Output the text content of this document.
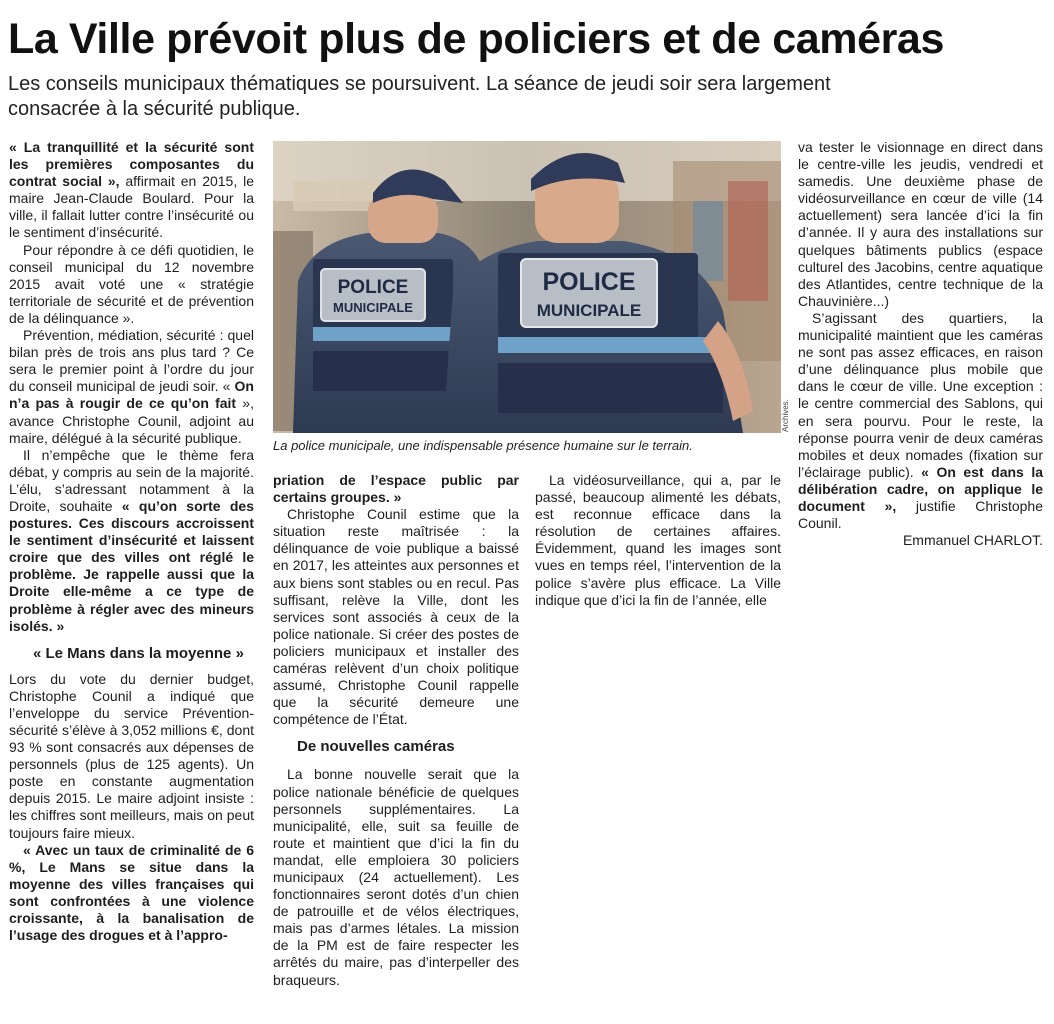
La Ville prévoit plus de policiers et de caméras

Les conseils municipaux thématiques se poursuivent. La séance de jeudi soir sera largement consacrée à la sécurité publique.

« La tranquillité et la sécurité sont les premières composantes du contrat social », affirmait en 2015, le maire Jean-Claude Boulard. Pour la ville, il fallait lutter contre l’insécurité ou le sentiment d’insécurité.

Pour répondre à ce défi quotidien, le conseil municipal du 12 novembre 2015 avait voté une « stratégie territoriale de sécurité et de prévention de la délinquance ».

Prévention, médiation, sécurité : quel bilan près de trois ans plus tard ? Ce sera le premier point à l’ordre du jour du conseil municipal de jeudi soir. « On n’a pas à rougir de ce qu’on fait », avance Christophe Counil, adjoint au maire, délégué à la sécurité publique.

Il n’empêche que le thème fera débat, y compris au sein de la majorité. L’élu, s’adressant notamment à la Droite, souhaite « qu’on sorte des postures. Ces discours accroissent le sentiment d’insécurité et laissent croire que des villes ont réglé le problème. Je rappelle aussi que la Droite elle-même a ce type de problème à régler avec des mineurs isolés. »

« Le Mans dans la moyenne »

Lors du vote du dernier budget, Christophe Counil a indiqué que l’enveloppe du service Prévention-sécurité s’élève à 3,052 millions €, dont 93 % sont consacrés aux dépenses de personnels (plus de 125 agents). Un poste en constante augmentation depuis 2015. Le maire adjoint insiste : les chiffres sont meilleurs, mais on peut toujours faire mieux.

« Avec un taux de criminalité de 6 %, Le Mans se situe dans la moyenne des villes françaises qui sont confrontées à une violence croissante, à la banalisation de l’usage des drogues et à l’appro-

POLICE
MUNICIPALE
POLICE
MUNICIPALE
Archives.
La police municipale, une indispensable présence humaine sur le terrain.

priation de l’espace public par certains groupes. »

Christophe Counil estime que la situation reste maîtrisée : la délinquance de voie publique a baissé en 2017, les atteintes aux personnes et aux biens sont stables ou en recul. Pas suffisant, relève la Ville, dont les services sont associés à ceux de la police nationale. Si créer des postes de policiers municipaux et installer des caméras relèvent d’un choix politique assumé, Christophe Counil rappelle que la sécurité demeure une compétence de l’État.

De nouvelles caméras

La bonne nouvelle serait que la police nationale bénéficie de quelques personnels supplémentaires. La municipalité, elle, suit sa feuille de route et maintient que d’ici la fin du mandat, elle emploiera 30 policiers municipaux (24 actuellement). Les fonctionnaires seront dotés d’un chien de patrouille et de vélos électriques, mais pas d’armes létales. La mission de la PM est de faire respecter les arrêtés du maire, pas d’interpeller des braqueurs.

La vidéosurveillance, qui a, par le passé, beaucoup alimenté les débats, est reconnue efficace dans la résolution de certaines affaires. Évidemment, quand les images sont vues en temps réel, l’intervention de la police s’avère plus efficace. La Ville indique que d’ici la fin de l’année, elle

va tester le visionnage en direct dans le centre-ville les jeudis, vendredi et samedis. Une deuxième phase de vidéosurveillance en cœur de ville (14 actuellement) sera lancée d’ici la fin d’année. Il y aura des installations sur quelques bâtiments publics (espace culturel des Jacobins, centre aquatique des Atlantides, centre technique de la Chauvinière...)

S’agissant des quartiers, la municipalité maintient que les caméras ne sont pas assez efficaces, en raison d’une délinquance plus mobile que dans le cœur de ville. Une exception : le centre commercial des Sablons, qui en sera pourvu. Pour le reste, la réponse pourra venir de deux caméras mobiles et deux nomades (fixation sur l’éclairage public). « On est dans la délibération cadre, on applique le document », justifie Christophe Counil.

Emmanuel CHARLOT.
